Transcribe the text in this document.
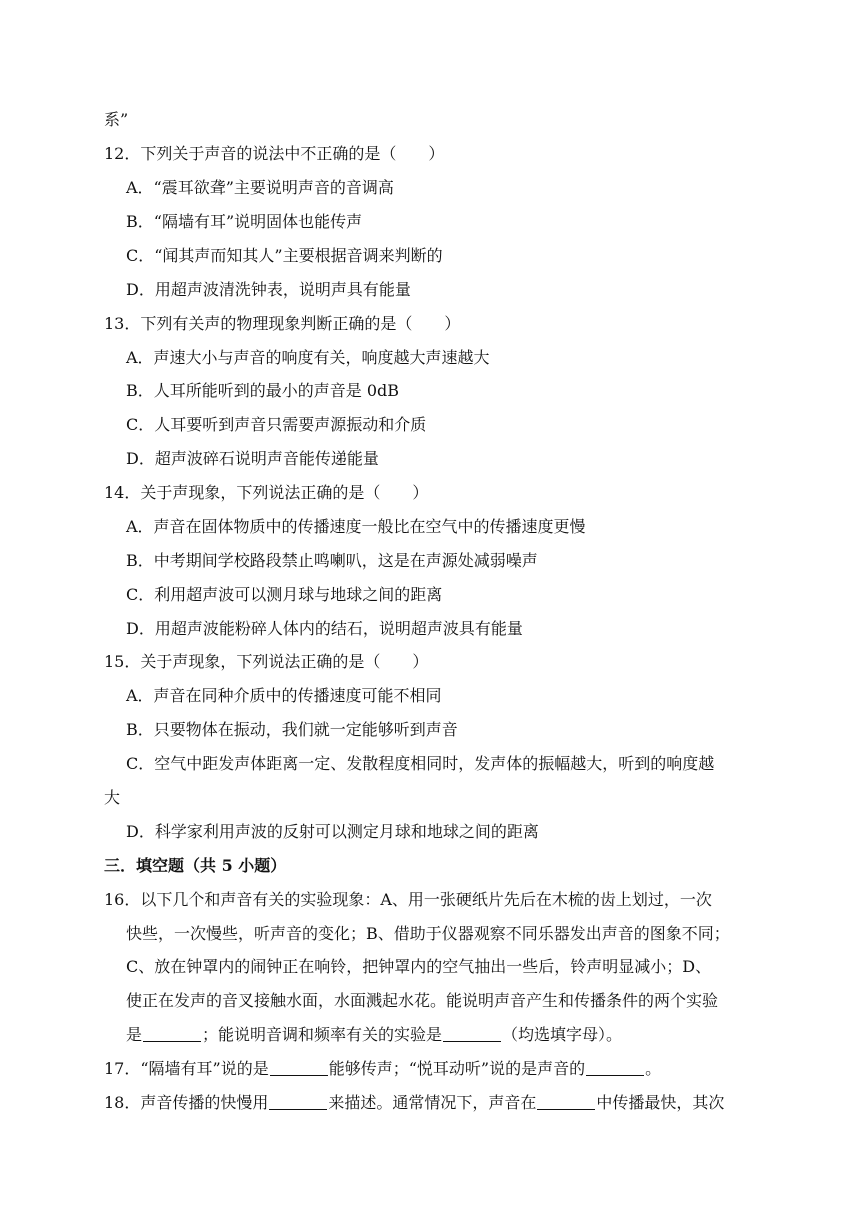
系”
12．下列关于声音的说法中不正确的是（　　）
A．“震耳欲聋”主要说明声音的音调高
B．“隔墙有耳”说明固体也能传声
C．“闻其声而知其人”主要根据音调来判断的
D．用超声波清洗钟表，说明声具有能量
13．下列有关声的物理现象判断正确的是（　　）
A．声速大小与声音的响度有关，响度越大声速越大
B．人耳所能听到的最小的声音是 0dB
C．人耳要听到声音只需要声源振动和介质
D．超声波碎石说明声音能传递能量
14．关于声现象，下列说法正确的是（　　）
A．声音在固体物质中的传播速度一般比在空气中的传播速度更慢
B．中考期间学校路段禁止鸣喇叭，这是在声源处减弱噪声
C．利用超声波可以测月球与地球之间的距离
D．用超声波能粉碎人体内的结石，说明超声波具有能量
15．关于声现象，下列说法正确的是（　　）
A．声音在同种介质中的传播速度可能不相同
B．只要物体在振动，我们就一定能够听到声音
C．空气中距发声体距离一定、发散程度相同时，发声体的振幅越大，听到的响度越
大
D．科学家利用声波的反射可以测定月球和地球之间的距离
三．填空题（共 5 小题）
16．以下几个和声音有关的实验现象：A、用一张硬纸片先后在木梳的齿上划过，一次
快些，一次慢些，听声音的变化；B、借助于仪器观察不同乐器发出声音的图象不同；
C、放在钟罩内的闹钟正在响铃，把钟罩内的空气抽出一些后，铃声明显减小；D、
使正在发声的音叉接触水面，水面溅起水花。能说明声音产生和传播条件的两个实验
是	；能说明音调和频率有关的实验是	（均选填字母）。
17．“隔墙有耳”说的是	能够传声；“悦耳动听”说的是声音的	。
18．声音传播的快慢用	来描述。通常情况下，声音在	中传播最快，其次
